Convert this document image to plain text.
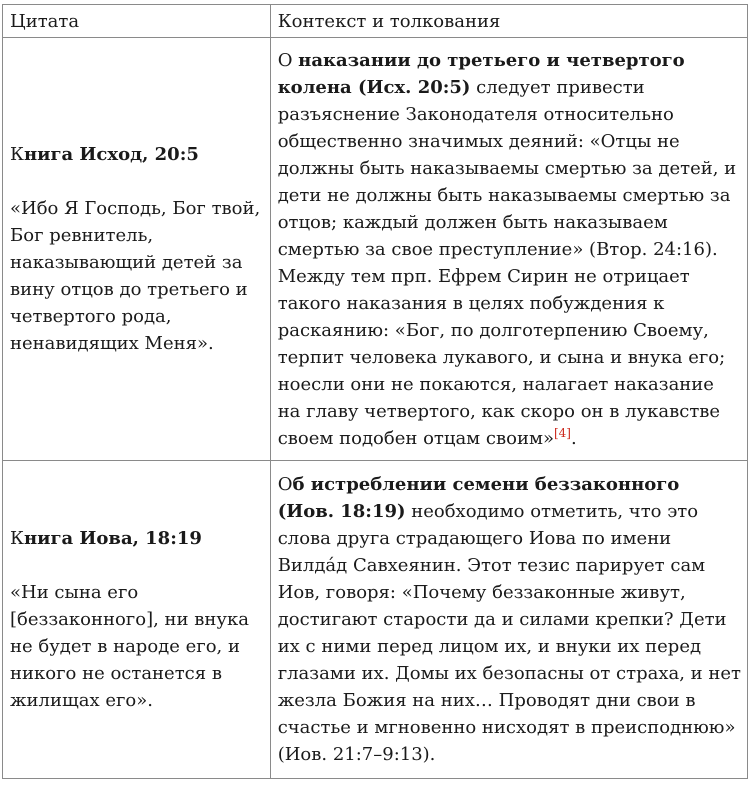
Цитата	Контекст и толкования

Книга Исход, 20:5
«Ибо Я Господь, Бог твой, Бог ревнитель, наказывающий детей за вину отцов до третьего и четвертого рода, ненавидящих Меня».	О наказании до третьего и четвертого колена (Исх. 20:5) следует привести разъяснение Законодателя относительно общественно значимых деяний: «Отцы не должны быть наказываемы смертью за детей, и дети не должны быть наказываемы смертью за отцов; каждый должен быть наказываем смертью за свое преступление» (Втор. 24:16). Между тем прп. Ефрем Сирин не отрицает такого наказания в целях побуждения к раскаянию: «Бог, по долготерпению Своему, терпит человека лукавого, и сына и внука его; ноесли они не покаются, налагает наказание на главу четвертого, как скоро он в лукавстве своем подобен отцам своим»[4].

Книга Иова, 18:19
«Ни сына его [беззаконного], ни внука не будет в народе его, и никого не останется в жилищах его».	Об истреблении семени беззаконного (Иов. 18:19) необходимо отметить, что это слова друга страдающего Иова по имени Вилда́д Савхеянин. Этот тезис парирует сам Иов, говоря: «Почему беззаконные живут, достигают старости да и силами крепки? Дети их с ними перед лицом их, и внуки их перед глазами их. Домы их безопасны от страха, и нет жезла Божия на них… Проводят дни свои в счастье и мгновенно нисходят в преисподнюю» (Иов. 21:7–9:13).
